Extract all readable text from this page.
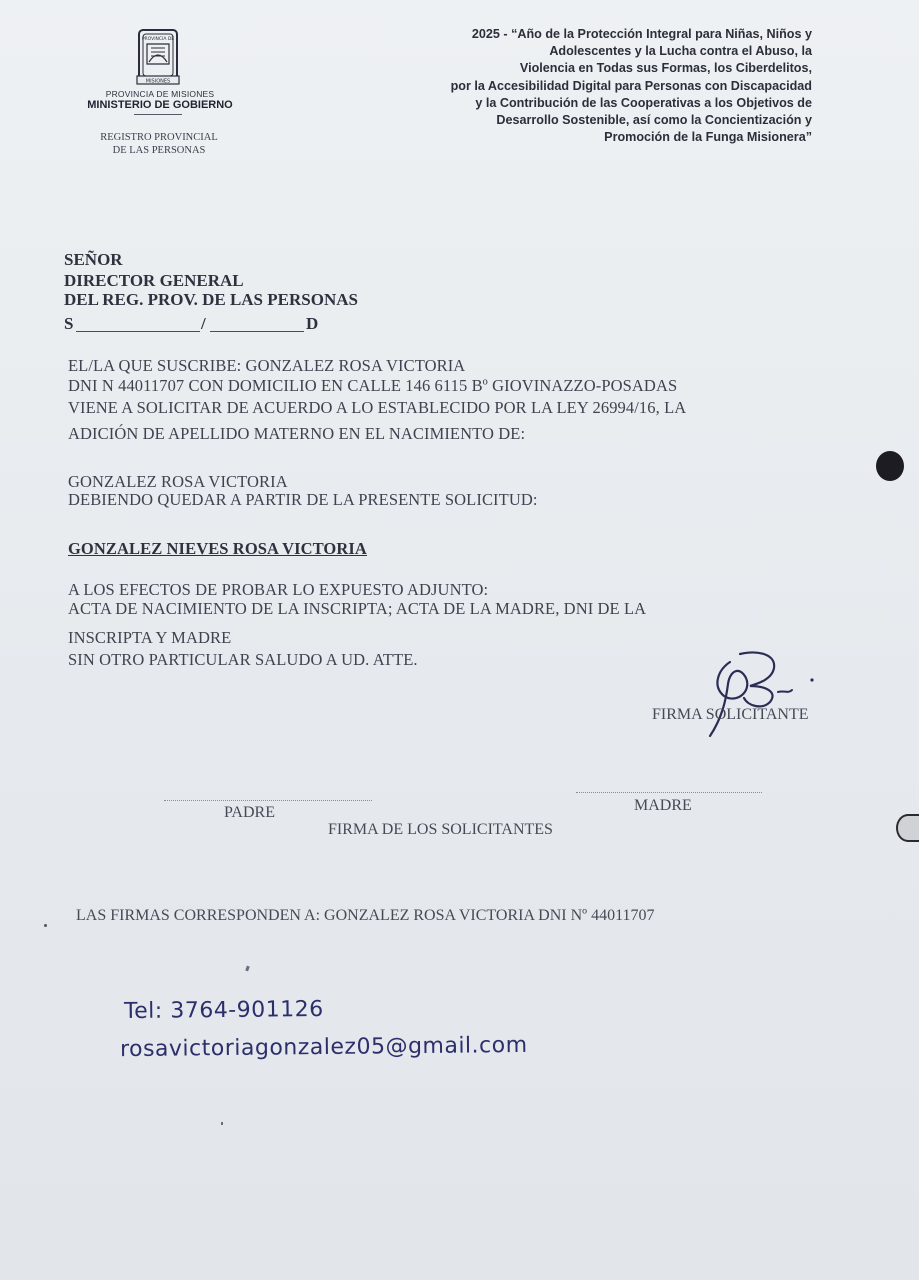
PROVINCIA DE
MISIONES
PROVINCIA DE MISIONES
MINISTERIO DE GOBIERNO
REGISTRO PROVINCIAL
DE LAS PERSONAS
2025 - “Año de la Protección Integral para Niñas, Niños y
Adolescentes y la Lucha contra el Abuso, la
Violencia en Todas sus Formas, los Ciberdelitos,
por la Accesibilidad Digital para Personas con Discapacidad
y la Contribución de las Cooperativas a los Objetivos de
Desarrollo Sostenible, así como la Concientización y
Promoción de la Funga Misionera”
SEÑOR
DIRECTOR GENERAL
DEL REG. PROV. DE LAS PERSONAS
S	/	D
EL/LA QUE SUSCRIBE: GONZALEZ ROSA VICTORIA
DNI N 44011707 CON DOMICILIO EN CALLE 146 6115 Bº GIOVINAZZO-POSADAS
VIENE A SOLICITAR DE ACUERDO A LO ESTABLECIDO POR LA LEY 26994/16, LA
ADICIÓN DE APELLIDO MATERNO EN EL NACIMIENTO DE:
GONZALEZ ROSA VICTORIA
DEBIENDO QUEDAR A PARTIR DE LA PRESENTE SOLICITUD:
GONZALEZ NIEVES ROSA VICTORIA
A LOS EFECTOS DE PROBAR LO EXPUESTO ADJUNTO:
ACTA DE NACIMIENTO DE LA INSCRIPTA; ACTA DE LA MADRE, DNI DE LA
INSCRIPTA Y MADRE
SIN OTRO PARTICULAR SALUDO A UD. ATTE.
FIRMA SOLICITANTE
PADRE	MADRE
FIRMA DE LOS SOLICITANTES
LAS FIRMAS CORRESPONDEN A: GONZALEZ ROSA VICTORIA DNI Nº 44011707
Tel: 3764-901126
rosavictoriagonzalez05@gmail.com
